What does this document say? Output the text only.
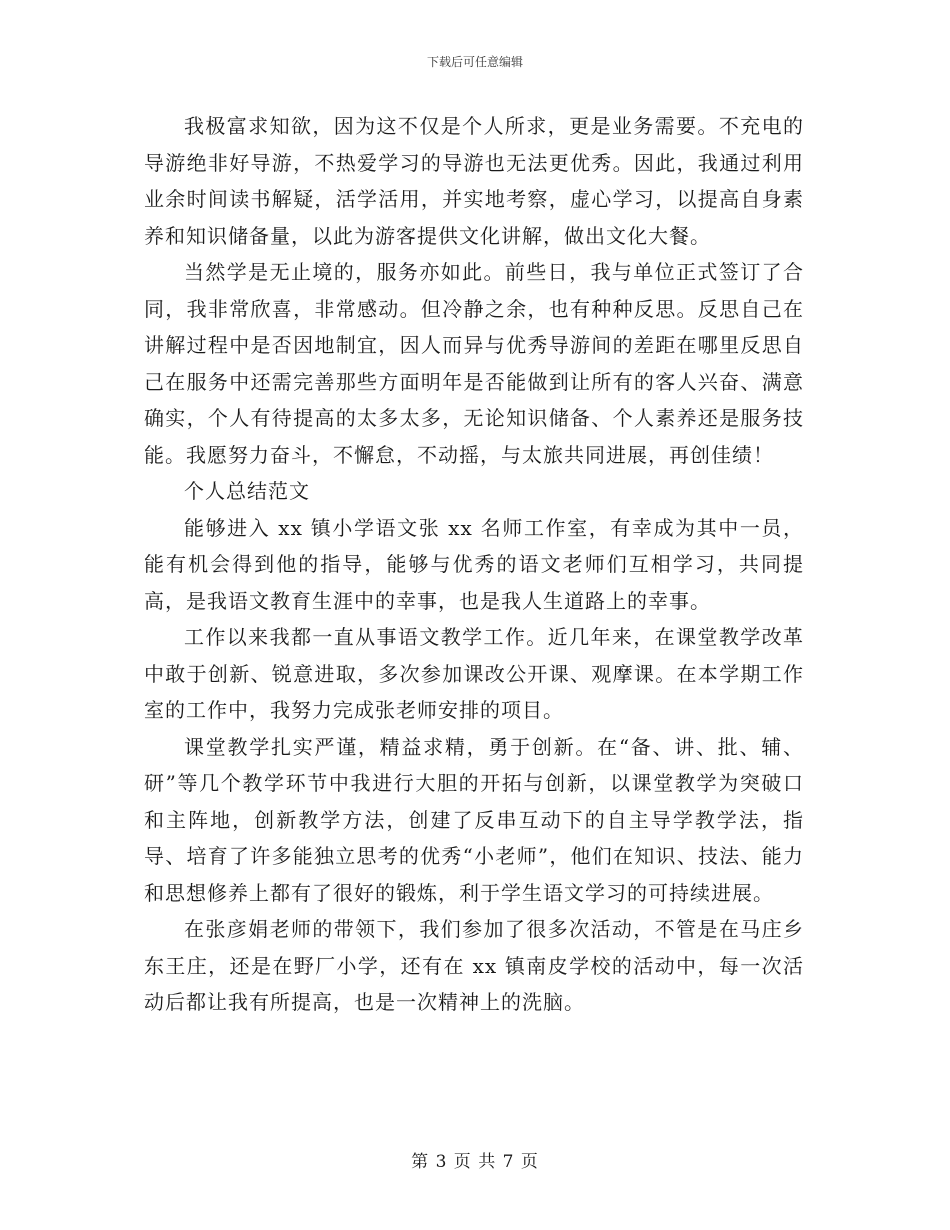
下载后可任意编辑

我极富求知欲，因为这不仅是个人所求，更是业务需要。不充电的导游绝非好导游，不热爱学习的导游也无法更优秀。因此，我通过利用业余时间读书解疑，活学活用，并实地考察，虚心学习，以提高自身素养和知识储备量，以此为游客提供文化讲解，做出文化大餐。

当然学是无止境的，服务亦如此。前些日，我与单位正式签订了合同，我非常欣喜，非常感动。但冷静之余，也有种种反思。反思自己在讲解过程中是否因地制宜，因人而异与优秀导游间的差距在哪里反思自己在服务中还需完善那些方面明年是否能做到让所有的客人兴奋、满意确实，个人有待提高的太多太多，无论知识储备、个人素养还是服务技能。我愿努力奋斗，不懈怠，不动摇，与太旅共同进展，再创佳绩！

个人总结范文

能够进入 xx 镇小学语文张 xx 名师工作室，有幸成为其中一员，能有机会得到他的指导，能够与优秀的语文老师们互相学习，共同提高，是我语文教育生涯中的幸事，也是我人生道路上的幸事。

工作以来我都一直从事语文教学工作。近几年来，在课堂教学改革中敢于创新、锐意进取，多次参加课改公开课、观摩课。在本学期工作室的工作中，我努力完成张老师安排的项目。

课堂教学扎实严谨，精益求精，勇于创新。在“备、讲、批、辅、研”等几个教学环节中我进行大胆的开拓与创新，以课堂教学为突破口和主阵地，创新教学方法，创建了反串互动下的自主导学教学法，指导、培育了许多能独立思考的优秀“小老师”，他们在知识、技法、能力和思想修养上都有了很好的锻炼，利于学生语文学习的可持续进展。

在张彦娟老师的带领下，我们参加了很多次活动，不管是在马庄乡东王庄，还是在野厂小学，还有在 xx 镇南皮学校的活动中，每一次活动后都让我有所提高，也是一次精神上的洗脑。

第 3 页 共 7 页
